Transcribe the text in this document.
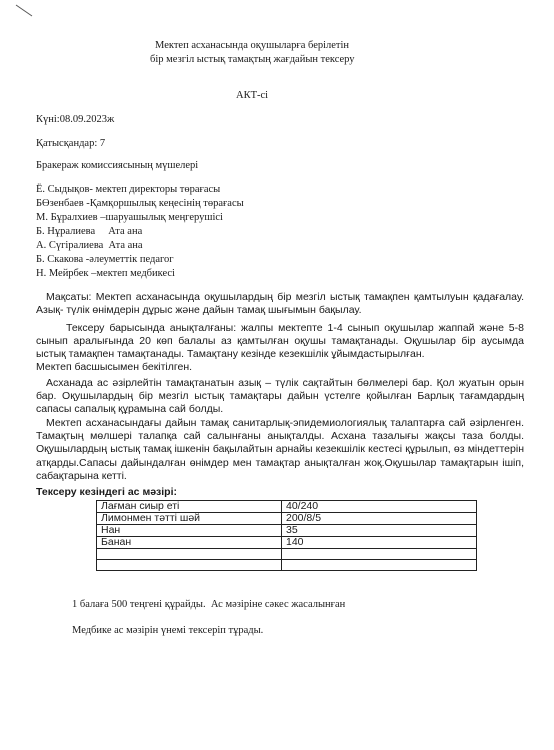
Мектеп асханасында оқушыларға берілетін
бір мезгіл ыстық тамақтың жағдайын тексеру
АКТ-сі
Күні:08.09.2023ж
Қатысқандар: 7
Бракераж комиссиясының мүшелері
Ё. Сыдықов- мектеп директоры төрағасы
БӨзенбаев -Қамқоршылық кеңесінің төрағасы
М. Бұралхиев –шаруашылық меңгерушісі
Б. Нұралиева     Ата ана
А. Сүгіралиева  Ата ана
Б. Скакова -әлеуметтік педагог
Н. Мейрбек –мектеп медбикесі
Мақсаты: Мектеп асханасында оқушылардың бір мезгіл ыстық тамақпен қамтылуын қадағалау. Азық- түлік өнімдерін дұрыс және дайын тамақ шығымын бақылау.
Тексеру барысында анықталғаны: жалпы мектепте 1-4 сынып оқушылар жаппай және 5-8 сынып аралығында 20 көп балалы аз қамтылған оқушы тамақтанады. Оқушылар бір аусымда ыстық тамақпен тамақтанады. Тамақтану кезінде кезекшілік ұйымдастырылған.
Мектеп басшысымен бекітілген.
Асханада ас әзірлейтін тамақтанатын азық – түлік сақтайтын бөлмелері бар. Қол жуатын орын бар. Оқушылардың бір мезгіл ыстық тамақтары дайын үстелге қойылған Барлық тағамдардың сапасы сапалық құрамына сай болды.
Мектеп асханасындағы дайын тамақ санитарлық-эпидемиологиялық талаптарға сай әзірленген. Тамақтың мөлшері талапқа сай салынғаны анықталды. Асхана тазалығы жақсы таза болды. Оқушылардың ыстық тамақ ішкенін бақылайтын арнайы кезекшілік кестесі құрылып, өз міндеттерін атқарды.Сапасы дайындалған өнімдер мен тамақтар анықталған жоқ.Оқушылар тамақтарын ішіп, сабақтарына кетті.
Тексеру кезіндегі ас мәзірі:
Лағман сиыр еті	40/240
Лимонмен тәтті шәй	200/8/5
Нан	35
Банан	140

1 балаға 500 теңгені құрайды.  Ас мәзіріне сәкес жасалынған
Медбике ас мәзірін үнемі тексеріп тұрады.
